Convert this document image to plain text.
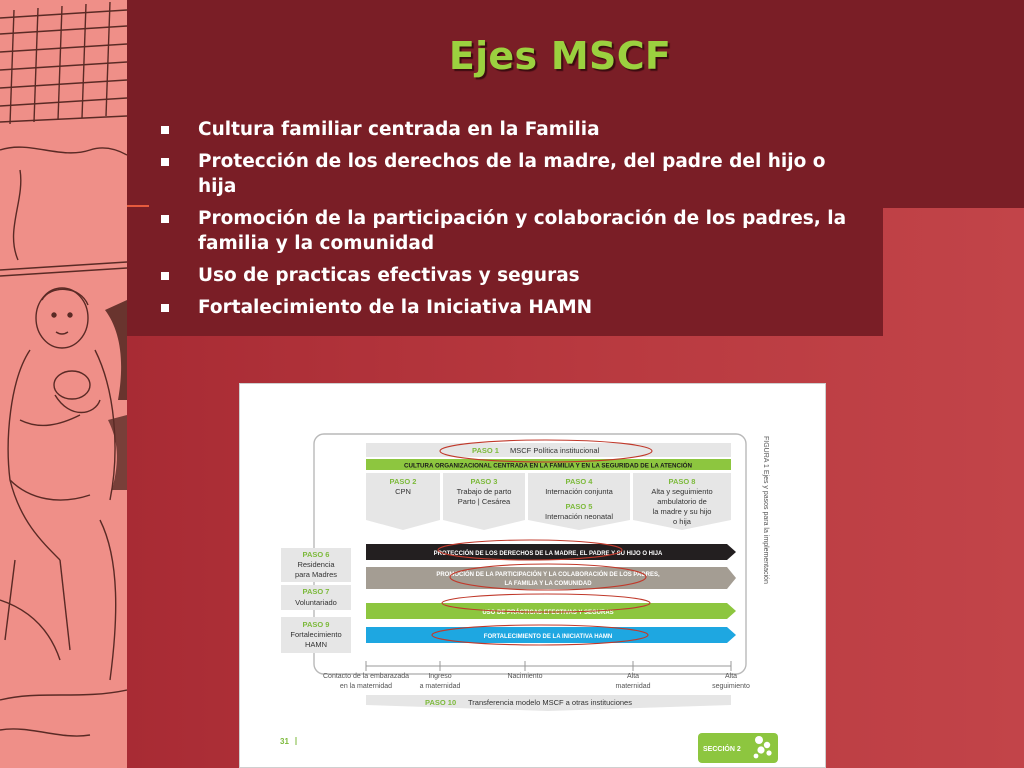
Ejes MSCF
Cultura familiar centrada en la Familia
Protección de los derechos de la madre, del padre del hijo o hija
Promoción de la participación y colaboración de los padres, la familia y la comunidad
Uso de practicas efectivas y seguras
Fortalecimiento de la Iniciativa HAMN
FIGURA 1 Ejes y pasos para la implementación
PASO 1 MSCF Política institucional
CULTURA ORGANIZACIONAL CENTRADA EN LA FAMILIA Y EN LA SEGURIDAD DE LA ATENCIÓN
PASO 2
CPN
PASO 3
Trabajo de parto
Parto | Cesárea
PASO 4
Internación conjunta
PASO 5
Internación neonatal
PASO 8
Alta y seguimiento
ambulatorio de
la madre y su hijo
o hija
PASO 6
Residencia
para Madres
PASO 7
Voluntariado
PASO 9
Fortalecimiento
HAMN
PROTECCIÓN DE LOS DERECHOS DE LA MADRE, EL PADRE Y SU HIJO O HIJA
PROMOCIÓN DE LA PARTICIPACIÓN Y LA COLABORACIÓN DE LOS PADRES,
LA FAMILIA Y LA COMUNIDAD
USO DE PRÁCTICAS EFECTIVAS Y SEGURAS
FORTALECIMIENTO DE LA INICIATIVA HAMN
Contacto de la embarazada
en la maternidad
Ingreso
a maternidad
Nacimiento	Alta
maternidad
Alta
seguimiento
PASO 10 Transferencia modelo MSCF a otras instituciones
31
SECCIÓN 2
